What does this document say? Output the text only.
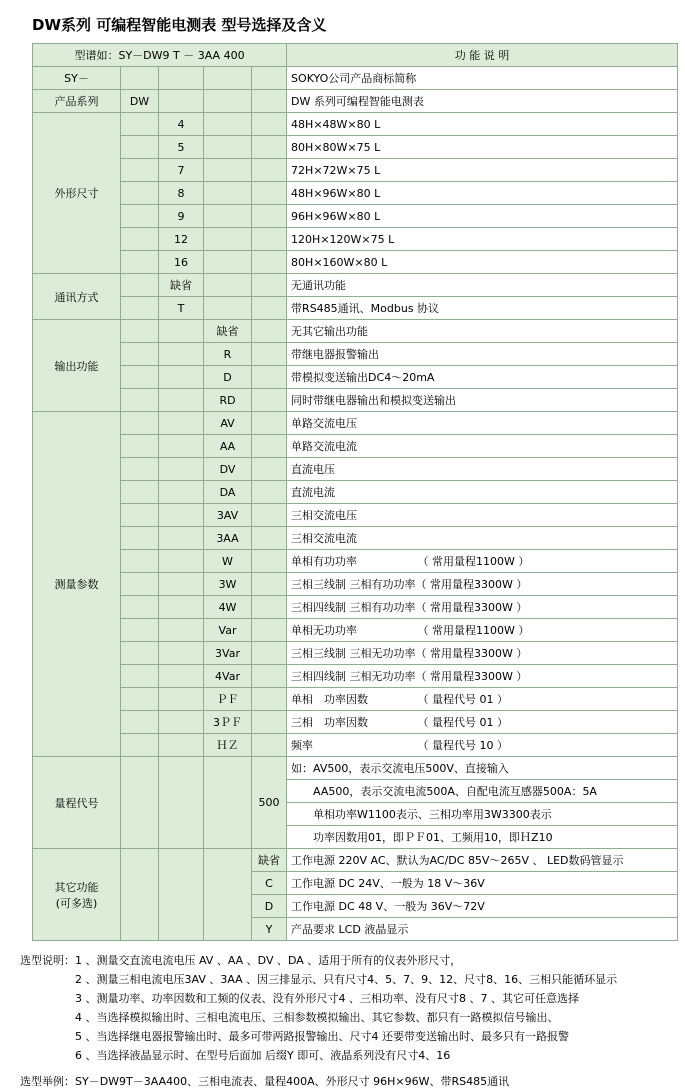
DW系列 可编程智能电测表 型号选择及含义
型谱如：SY－DW9 T － 3AA 400					功 能 说 明
SY－					SOKYO公司产品商标简称
产品系列	DW				DW 系列可编程智能电测表
外形尺寸		4			48H×48W×80 L
		5			80H×80W×75 L
		7			72H×72W×75 L
		8			48H×96W×80 L
		9			96H×96W×80 L
		12			120H×120W×75 L
		16			80H×160W×80 L
通讯方式		缺省			无通讯功能
		T			带RS485通讯、Modbus 协议
输出功能			缺省		无其它输出功能
			R		带继电器报警输出
			D		带模拟变送输出DC4～20mA
			RD		同时带继电器输出和模拟变送输出
测量参数			AV		单路交流电压
			AA		单路交流电流
			DV		直流电压
			DA		直流电流
			3AV		三相交流电压
			3AA		三相交流电流
			W		单相有功功率　　　　　　（ 常用量程1100W ）
			3W		三相三线制 三相有功功率（ 常用量程3300W ）
			4W		三相四线制 三相有功功率（ 常用量程3300W ）
			Var		单相无功功率　　　　　　（ 常用量程1100W ）
			3Var		三相三线制 三相无功功率（ 常用量程3300W ）
			4Var		三相四线制 三相无功功率（ 常用量程3300W ）
			ＰＦ		单相　功率因数　　　　　（ 量程代号 01 ）
			3ＰＦ		三相　功率因数　　　　　（ 量程代号 01 ）
			ＨＺ		频率　　　　　　　　　　（ 量程代号 10 ）
量程代号				500	如：AV500，表示交流电压500V、直接输入
					　　AA500，表示交流电流500A、自配电流互感器500A：5A
					　　单相功率W1100表示、三相功率用3W3300表示
					　　功率因数用01，即ＰＦ01、工频用10，即ＨZ10

其它功能
(可多选)				缺省	工作电源 220V AC、默认为AC/DC 85V～265V 、 LED数码管显示
				C	工作电源 DC 24V、一般为 18 V～36V
				D	工作电源 DC 48 V、一般为 36V～72V
				Y	产品要求 LCD 液晶显示
选型说明： 1 、测量交直流电流电压 AV 、AA 、DV 、DA 、适用于所有的仪表外形尺寸，
2 、测量三相电流电压3AV 、3AA 、因三排显示、只有尺寸4、5、7、9、12、尺寸8、16、三相只能循环显示
3 、测量功率、功率因数和工频的仪表、没有外形尺寸4 、三相功率、没有尺寸8 、7 、其它可任意选择
4 、当选择模拟输出时、三相电流电压、三相参数模拟输出、其它参数、都只有一路模拟信号输出、
5 、当选择继电器报警输出时、最多可带两路报警输出、尺寸4 还要带变送输出时、最多只有一路报警
6 、当选择液晶显示时、在型号后面加 后缀Y 即可、液晶系列没有尺寸4、16
选型举例：SY－DW9T－3AA400、三相电流表、量程400A、外形尺寸 96H×96W、带RS485通讯
